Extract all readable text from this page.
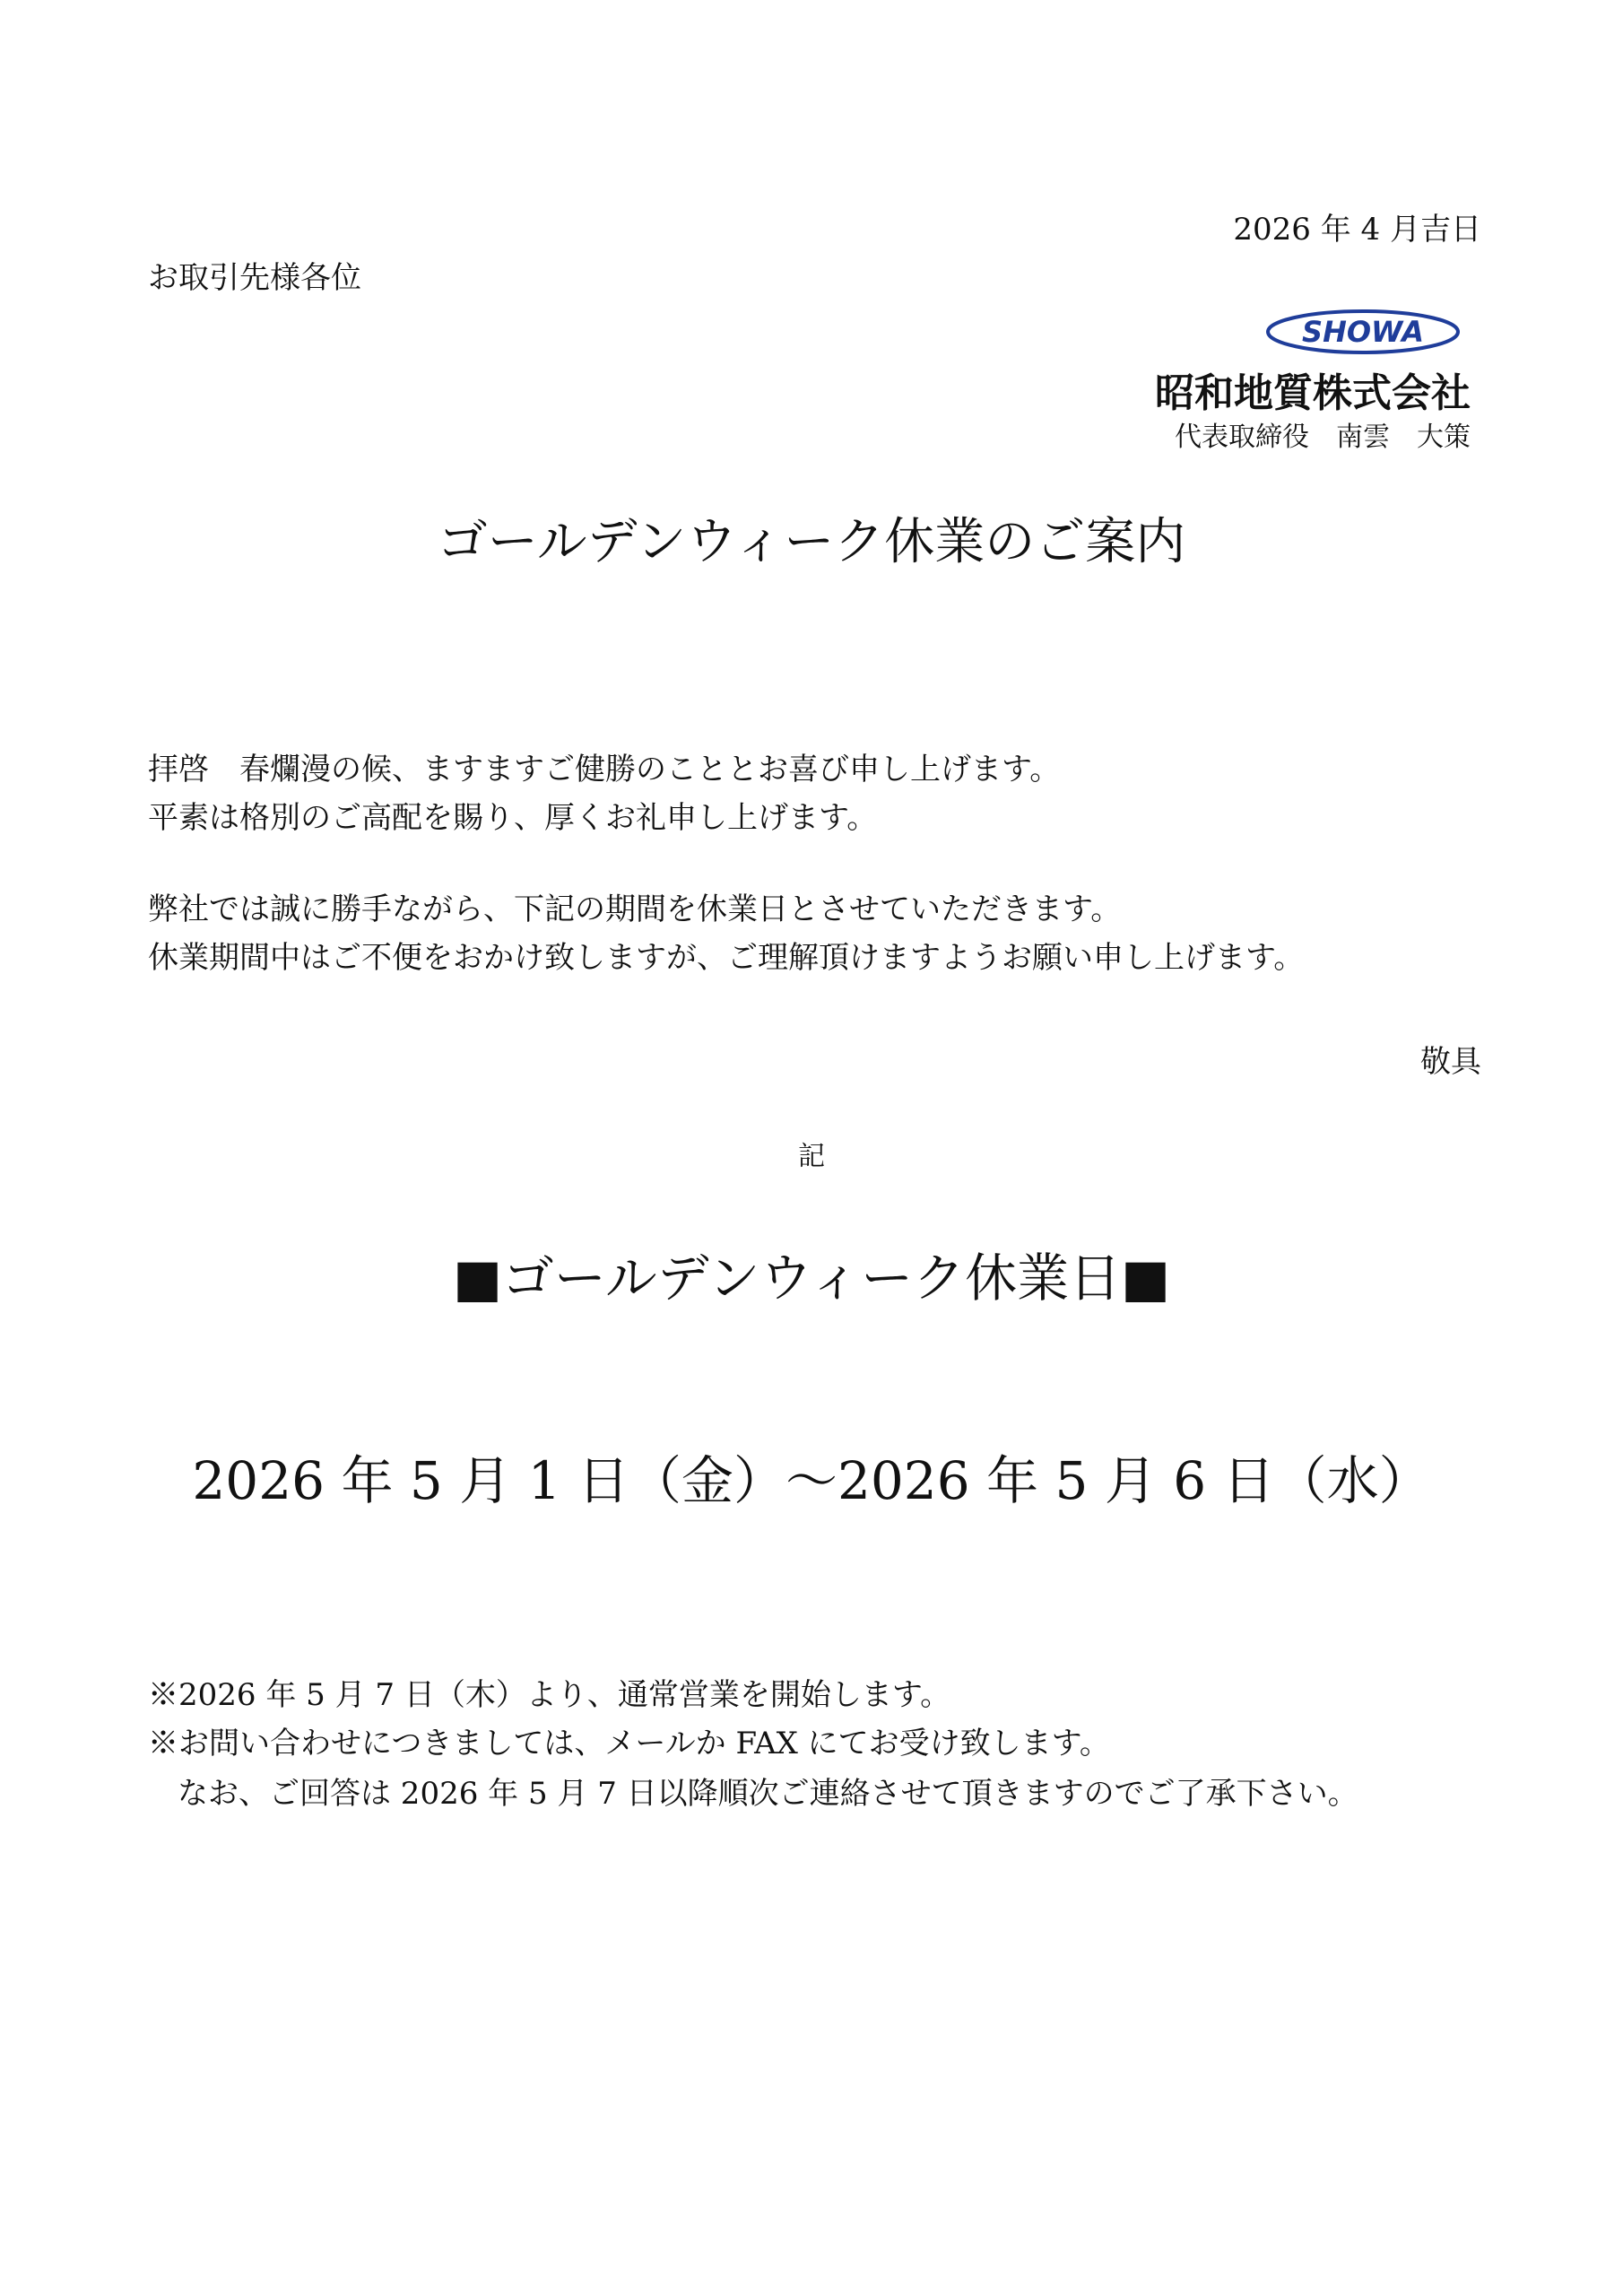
2026 年 4 月吉日
お取引先様各位
SHOWA
昭和地質株式会社
代表取締役　南雲　大策
ゴールデンウィーク休業のご案内
拝啓　春爛漫の候、ますますご健勝のこととお喜び申し上げます。
平素は格別のご高配を賜り、厚くお礼申し上げます。
弊社では誠に勝手ながら、下記の期間を休業日とさせていただきます。
休業期間中はご不便をおかけ致しますが、ご理解頂けますようお願い申し上げます。
敬具
記
■ゴールデンウィーク休業日■
2026 年 5 月 1 日（金）～2026 年 5 月 6 日（水）
※2026 年 5 月 7 日（木）より、通常営業を開始します。
※お問い合わせにつきましては、メールか FAX にてお受け致します。
なお、ご回答は 2026 年 5 月 7 日以降順次ご連絡させて頂きますのでご了承下さい。
